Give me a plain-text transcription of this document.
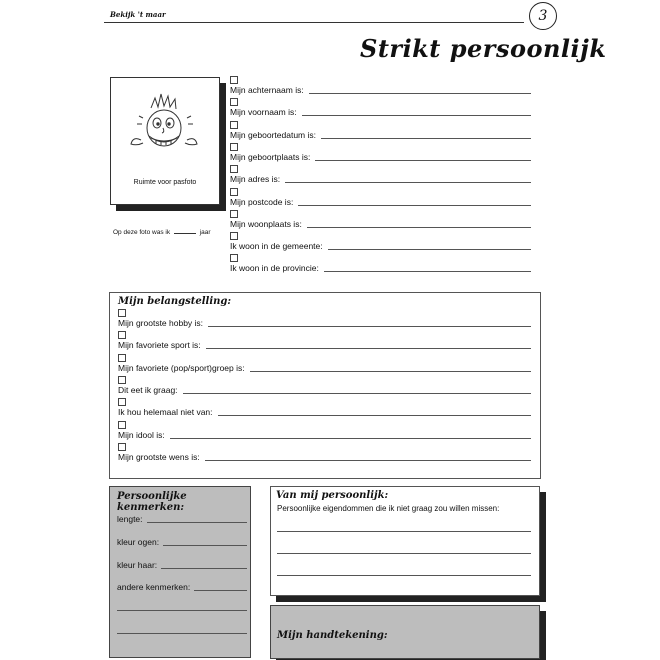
Bekijk 't maar	3
Strikt persoonlijk
Ruimte voor pasfoto
Op deze foto was ik	jaar
Mijn achternaam is:
Mijn voornaam is:
Mijn geboortedatum is:
Mijn geboortplaats is:
Mijn adres is:
Mijn postcode is:
Mijn woonplaats is:
Ik woon in de gemeente:
Ik woon in de provincie:
Mijn belangstelling:
Mijn grootste hobby is:
Mijn favoriete sport is:
Mijn favoriete (pop/sport)groep is:
Dit eet ik graag:
Ik hou helemaal niet van:
Mijn idool is:
Mijn grootste wens is:
Persoonlijke kenmerken:
lengte:
kleur ogen:
kleur haar:
andere kenmerken:
Van mij persoonlijk:
Persoonlijke eigendommen die ik niet graag zou willen missen:
Mijn handtekening:
